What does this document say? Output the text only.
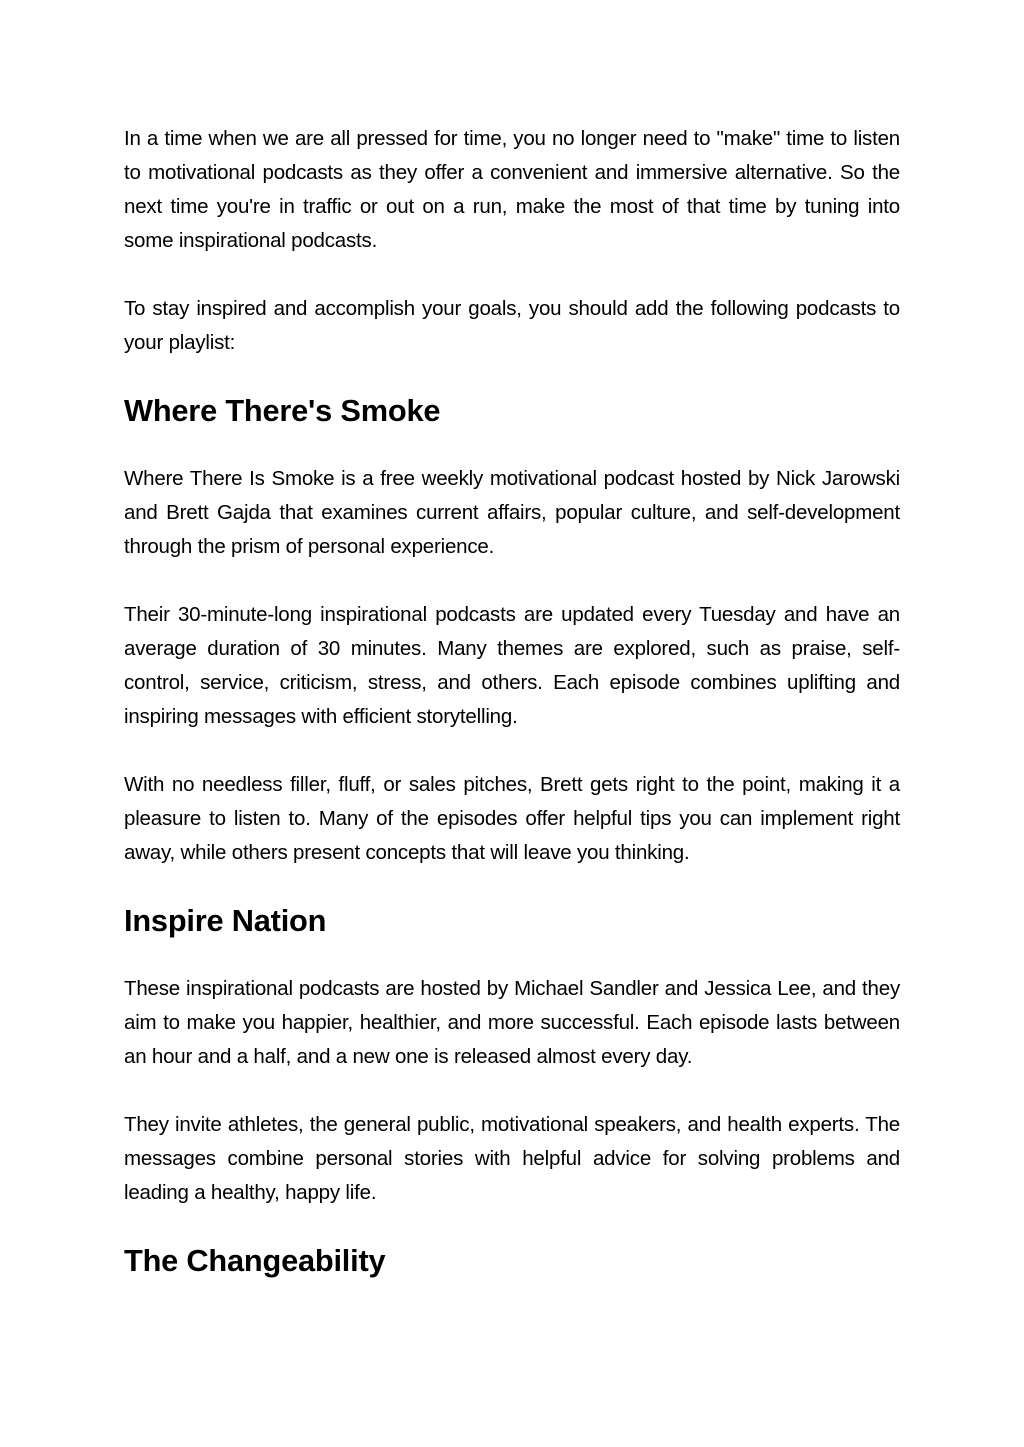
In a time when we are all pressed for time, you no longer need to "make" time to listen to motivational podcasts as they offer a convenient and immersive alternative. So the next time you're in traffic or out on a run, make the most of that time by tuning into some inspirational podcasts.

To stay inspired and accomplish your goals, you should add the following podcasts to your playlist:

Where There's Smoke

Where There Is Smoke is a free weekly motivational podcast hosted by Nick Jarowski and Brett Gajda that examines current affairs, popular culture, and self-development through the prism of personal experience.

Their 30-minute-long inspirational podcasts are updated every Tuesday and have an average duration of 30 minutes. Many themes are explored, such as praise, self-control, service, criticism, stress, and others. Each episode combines uplifting and inspiring messages with efficient storytelling.

With no needless filler, fluff, or sales pitches, Brett gets right to the point, making it a pleasure to listen to. Many of the episodes offer helpful tips you can implement right away, while others present concepts that will leave you thinking.

Inspire Nation

These inspirational podcasts are hosted by Michael Sandler and Jessica Lee, and they aim to make you happier, healthier, and more successful. Each episode lasts between an hour and a half, and a new one is released almost every day.

They invite athletes, the general public, motivational speakers, and health experts. The messages combine personal stories with helpful advice for solving problems and leading a healthy, happy life.

The Changeability
